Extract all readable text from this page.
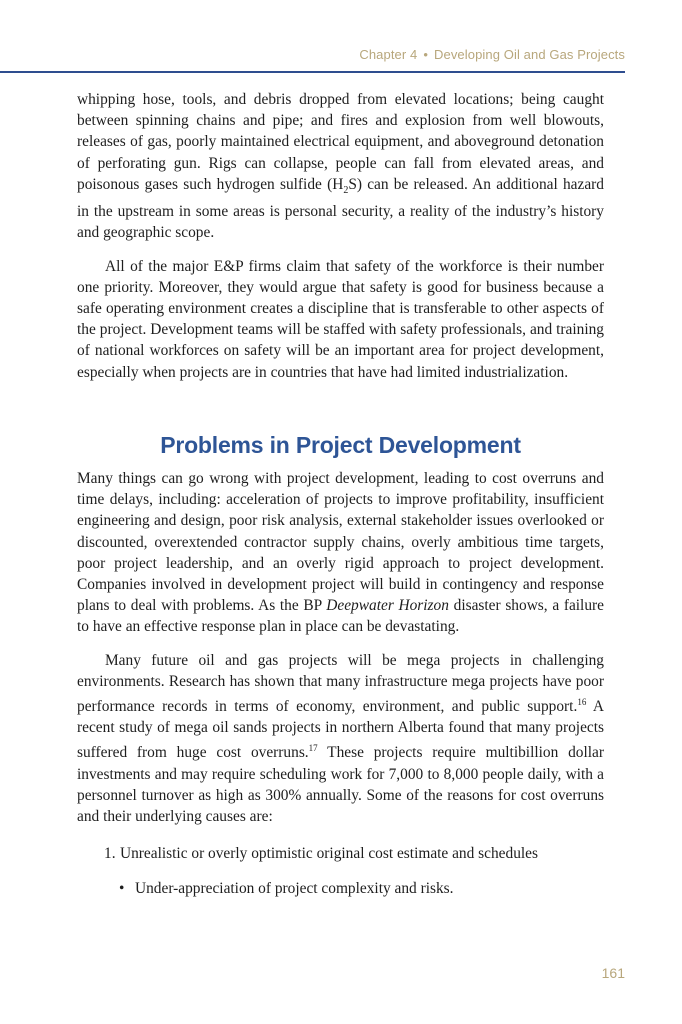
Chapter 4 • Developing Oil and Gas Projects

whipping hose, tools, and debris dropped from elevated locations; being caught between spinning chains and pipe; and fires and explosion from well blowouts, releases of gas, poorly maintained electrical equipment, and aboveground detonation of perforating gun. Rigs can collapse, people can fall from elevated areas, and poisonous gases such hydrogen sulfide $(H_2S)$ can be released. An additional hazard in the upstream in some areas is personal security, a reality of the industry’s history and geographic scope.

All of the major E&P firms claim that safety of the workforce is their number one priority. Moreover, they would argue that safety is good for business because a safe operating environment creates a discipline that is transferable to other aspects of the project. Development teams will be staffed with safety professionals, and training of national workforces on safety will be an important area for project development, especially when projects are in countries that have had limited industrialization.

Problems in Project Development

Many things can go wrong with project development, leading to cost overruns and time delays, including: acceleration of projects to improve profitability, insufficient engineering and design, poor risk analysis, external stakeholder issues overlooked or discounted, overextended contractor supply chains, overly ambitious time targets, poor project leadership, and an overly rigid approach to project development. Companies involved in development project will build in contingency and response plans to deal with problems. As the BP Deepwater Horizon disaster shows, a failure to have an effective response plan in place can be devastating.

Many future oil and gas projects will be mega projects in challenging environments. Research has shown that many infrastructure mega projects have poor performance records in terms of economy, environment, and public support.$^{16}$ A recent study of mega oil sands projects in northern Alberta found that many projects suffered from huge cost overruns.$^{17}$ These projects require multibillion dollar investments and may require scheduling work for 7,000 to 8,000 people daily, with a personnel turnover as high as 300% annually. Some of the reasons for cost overruns and their underlying causes are:

1. Unrealistic or overly optimistic original cost estimate and schedules
• Under-appreciation of project complexity and risks.
161
